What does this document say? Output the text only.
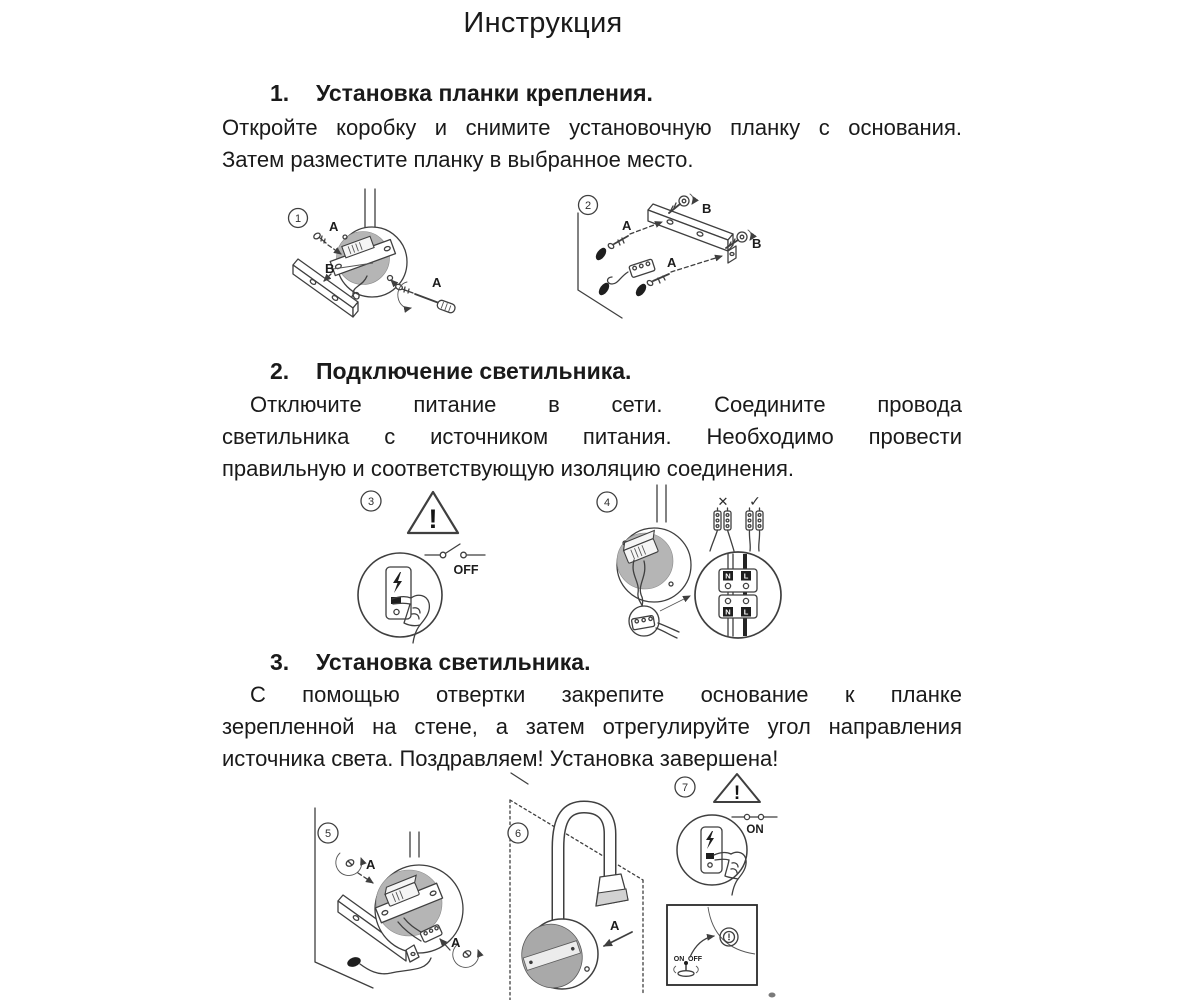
Инструкция
1. Установка планки крепления.
Откройте коробку и снимите установочную планку с основания.
Затем разместите планку в выбранное место.
1 A
B
A
2	B
B
A
A
2. Подключение светильника.
Отключите питание в сети. Соедините провода
светильника с источником питания. Необходимо провести
правильную и соответствующую изоляцию соединения.
3
!
OFF
4
N L
N L
✕ ✓
3. Установка светильника.
С помощью отвертки закрепите основание к планке
зерепленной на стене, а затем отрегулируйте угол направления
источника света. Поздравляем! Установка завершена!
5
A
A
6
A
7 !
ON
ON OFF
